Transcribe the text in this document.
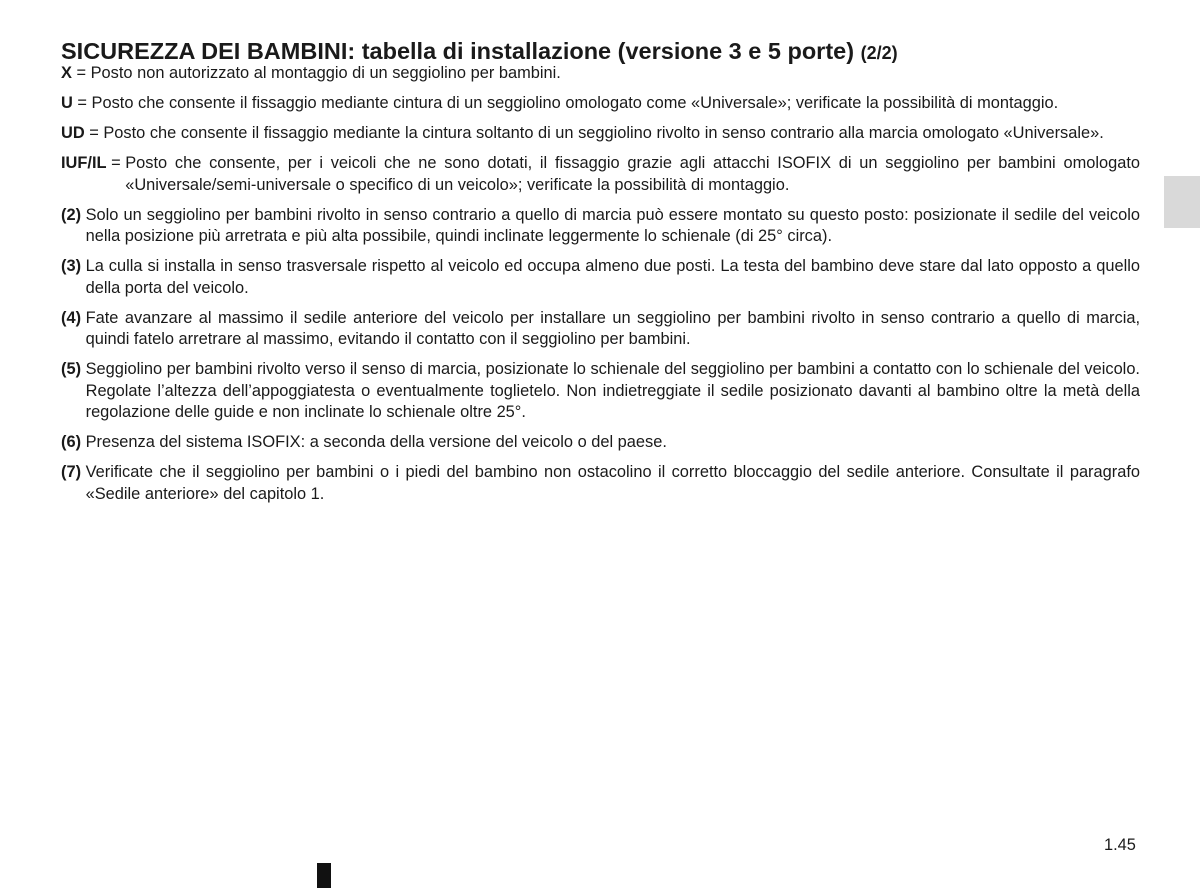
SICUREZZA DEI BAMBINI: tabella di installazione (versione 3 e 5 porte) (2/2)
X = Posto non autorizzato al montaggio di un seggiolino per bambini.
U = Posto che consente il fissaggio mediante cintura di un seggiolino omologato come «Universale»; verificate la possibilità di montaggio.
UD = Posto che consente il fissaggio mediante la cintura soltanto di un seggiolino rivolto in senso contrario alla marcia omologato «Universale».
IUF/IL = Posto che consente, per i veicoli che ne sono dotati, il fissaggio grazie agli attacchi ISOFIX di un seggiolino per bambini omologato «Universale/semi-universale o specifico di un veicolo»; verificate la possibilità di montaggio.
(2)
Solo un seggiolino per bambini rivolto in senso contrario a quello di marcia può essere montato su questo posto: posizionate il sedile del veicolo nella posizione più arretrata e più alta possibile, quindi inclinate leggermente lo schienale (di 25° circa).
(3)
La culla si installa in senso trasversale rispetto al veicolo ed occupa almeno due posti. La testa del bambino deve stare dal lato opposto a quello della porta del veicolo.
(4)
Fate avanzare al massimo il sedile anteriore del veicolo per installare un seggiolino per bambini rivolto in senso contrario a quello di marcia, quindi fatelo arretrare al massimo, evitando il contatto con il seggiolino per bambini.
(5)
Seggiolino per bambini rivolto verso il senso di marcia, posizionate lo schienale del seggiolino per bambini a contatto con lo schienale del veicolo. Regolate l’altezza dell’appoggiatesta o eventualmente toglietelo. Non indietreggiate il sedile posizionato davanti al bambino oltre la metà della regolazione delle guide e non inclinate lo schienale oltre 25°.
(6)
Presenza del sistema ISOFIX: a seconda della versione del veicolo o del paese.
(7)
Verificate che il seggiolino per bambini o i piedi del bambino non ostacolino il corretto bloccaggio del sedile anteriore. Consultate il paragrafo «Sedile anteriore» del capitolo 1.
1.45
